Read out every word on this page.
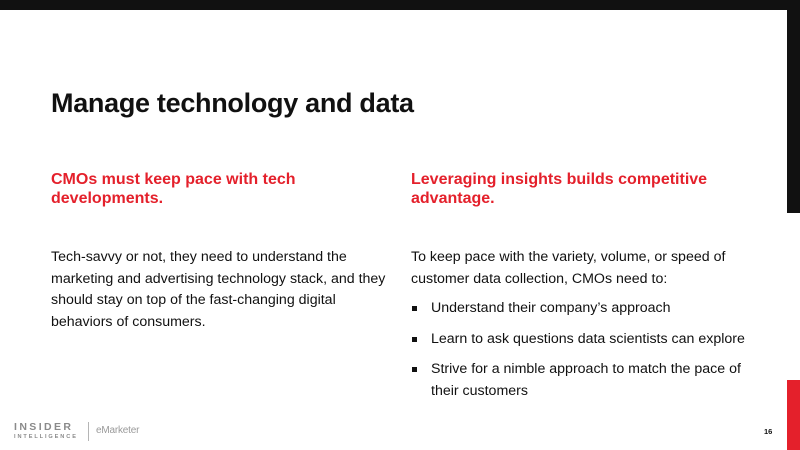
Manage technology and data

CMOs must keep pace with tech developments.

Tech-savvy or not, they need to understand the marketing and advertising technology stack, and they should stay on top of the fast-changing digital behaviors of consumers.

Leveraging insights builds competitive advantage.

To keep pace with the variety, volume, or speed of customer data collection, CMOs need to:

Understand their company’s approach
Learn to ask questions data scientists can explore
Strive for a nimble approach to match the pace of their customers
INSIDER
INTELLIGENCE
eMarketer	16
